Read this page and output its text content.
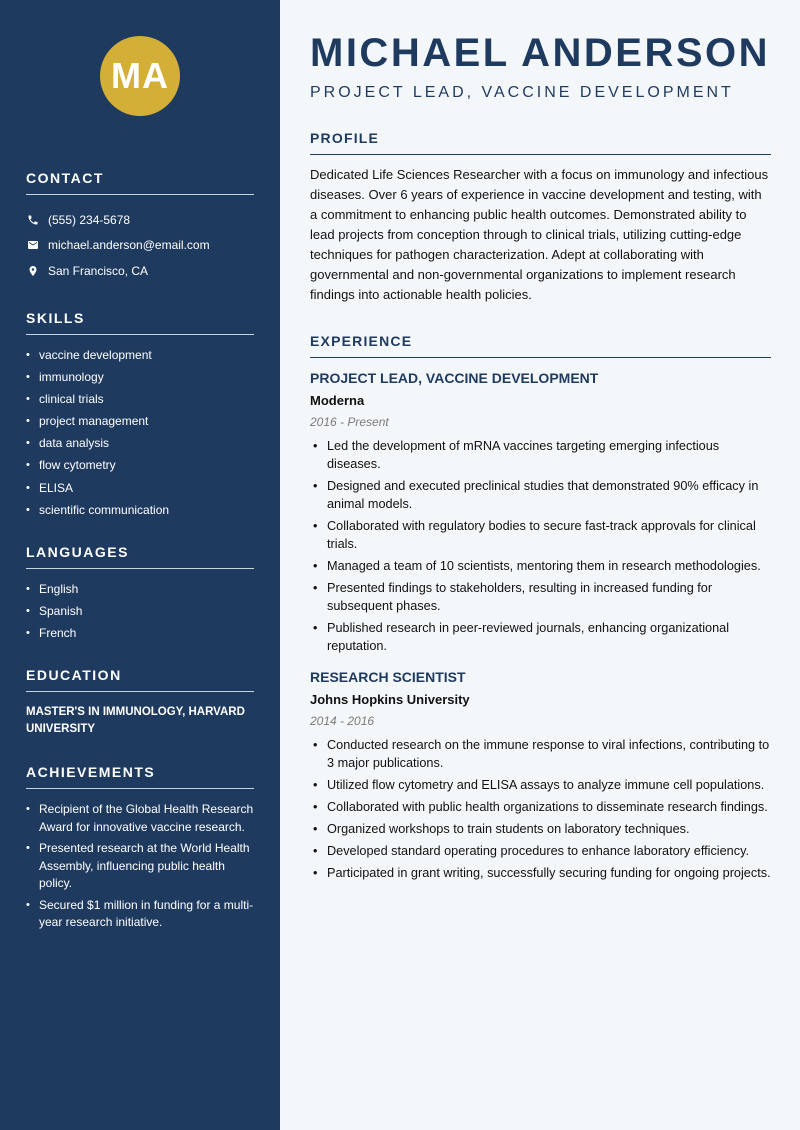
MA
CONTACT
(555) 234-5678
michael.anderson@email.com
San Francisco, CA
SKILLS
• vaccine development
• immunology
• clinical trials
• project management
• data analysis
• flow cytometry
• ELISA
• scientific communication
LANGUAGES
• English
• Spanish
• French
EDUCATION
MASTER'S IN IMMUNOLOGY, HARVARD UNIVERSITY
ACHIEVEMENTS
• Recipient of the Global Health Research Award for innovative vaccine research.
• Presented research at the World Health Assembly, influencing public health policy.
• Secured $1 million in funding for a multi-year research initiative.
MICHAEL ANDERSON
PROJECT LEAD, VACCINE DEVELOPMENT
PROFILE

Dedicated Life Sciences Researcher with a focus on immunology and infectious diseases. Over 6 years of experience in vaccine development and testing, with a commitment to enhancing public health outcomes. Demonstrated ability to lead projects from conception through to clinical trials, utilizing cutting-edge techniques for pathogen characterization. Adept at collaborating with governmental and non-governmental organizations to implement research findings into actionable health policies.

EXPERIENCE
PROJECT LEAD, VACCINE DEVELOPMENT
Moderna
2016 - Present
• Led the development of mRNA vaccines targeting emerging infectious diseases.
• Designed and executed preclinical studies that demonstrated 90% efficacy in animal models.
• Collaborated with regulatory bodies to secure fast-track approvals for clinical trials.
• Managed a team of 10 scientists, mentoring them in research methodologies.
• Presented findings to stakeholders, resulting in increased funding for subsequent phases.
• Published research in peer-reviewed journals, enhancing organizational reputation.
RESEARCH SCIENTIST
Johns Hopkins University
2014 - 2016
• Conducted research on the immune response to viral infections, contributing to 3 major publications.
• Utilized flow cytometry and ELISA assays to analyze immune cell populations.
• Collaborated with public health organizations to disseminate research findings.
• Organized workshops to train students on laboratory techniques.
• Developed standard operating procedures to enhance laboratory efficiency.
• Participated in grant writing, successfully securing funding for ongoing projects.
